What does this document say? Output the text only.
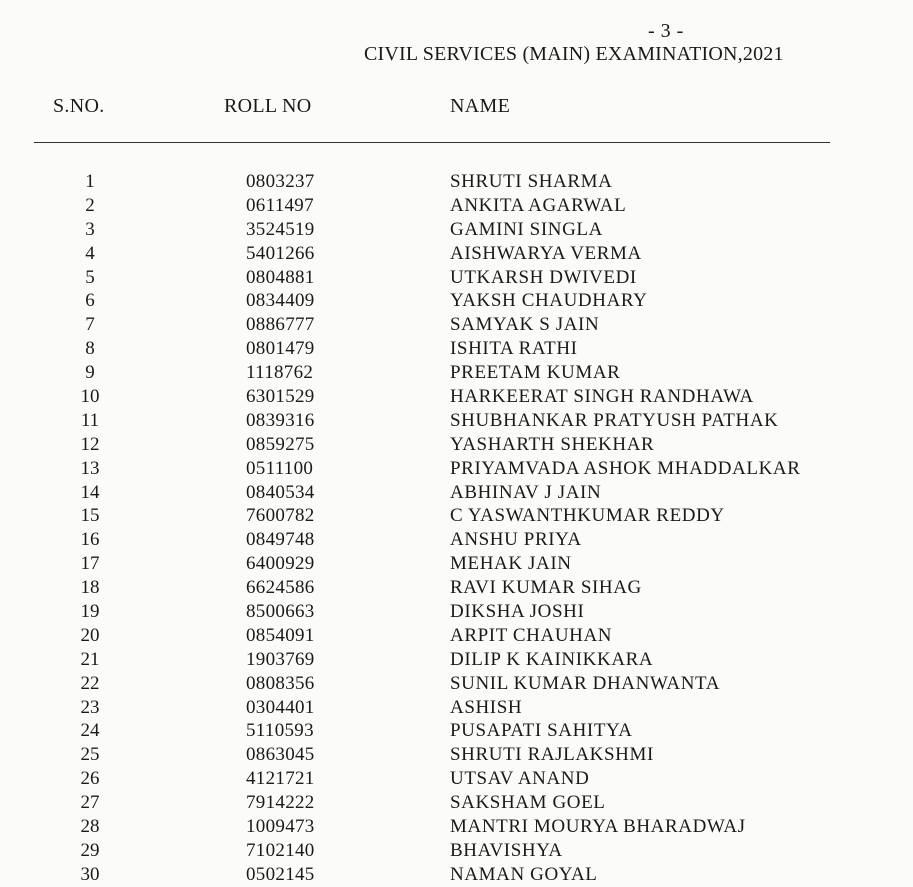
- 3 -
CIVIL SERVICES (MAIN) EXAMINATION,2021
S.NO.	ROLL NO	NAME
1	0803237	SHRUTI SHARMA
2	0611497	ANKITA AGARWAL
3	3524519	GAMINI SINGLA
4	5401266	AISHWARYA VERMA
5	0804881	UTKARSH DWIVEDI
6	0834409	YAKSH CHAUDHARY
7	0886777	SAMYAK S JAIN
8	0801479	ISHITA RATHI
9	1118762	PREETAM KUMAR
10	6301529	HARKEERAT SINGH RANDHAWA
11	0839316	SHUBHANKAR PRATYUSH PATHAK
12	0859275	YASHARTH SHEKHAR
13	0511100	PRIYAMVADA ASHOK MHADDALKAR
14	0840534	ABHINAV J JAIN
15	7600782	C YASWANTHKUMAR REDDY
16	0849748	ANSHU PRIYA
17	6400929	MEHAK JAIN
18	6624586	RAVI KUMAR SIHAG
19	8500663	DIKSHA JOSHI
20	0854091	ARPIT CHAUHAN
21	1903769	DILIP K KAINIKKARA
22	0808356	SUNIL KUMAR DHANWANTA
23	0304401	ASHISH
24	5110593	PUSAPATI SAHITYA
25	0863045	SHRUTI RAJLAKSHMI
26	4121721	UTSAV ANAND
27	7914222	SAKSHAM GOEL
28	1009473	MANTRI MOURYA BHARADWAJ
29	7102140	BHAVISHYA
30	0502145	NAMAN GOYAL
